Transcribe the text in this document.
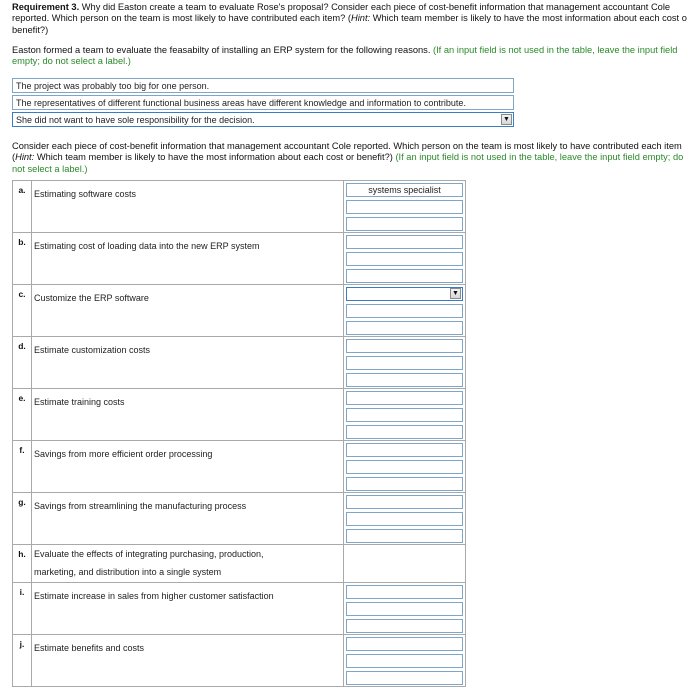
Requirement 3. Why did Easton create a team to evaluate Rose's proposal? Consider each piece of cost-benefit information that management accountant Cole
reported. Which person on the team is most likely to have contributed each item? (Hint: Which team member is likely to have the most information about each cost o
benefit?)
Easton formed a team to evaluate the feasabilty of installing an ERP system for the following reasons. (If an input field is not used in the table, leave the input field
empty; do not select a label.)
The project was probably too big for one person.
The representatives of different functional business areas have different knowledge and information to contribute.
She did not want to have sole responsibility for the decision.	▼
Consider each piece of cost-benefit information that management accountant Cole reported. Which person on the team is most likely to have contributed each item
(Hint: Which team member is likely to have the most information about each cost or benefit?) (If an input field is not used in the table, leave the input field empty; do
not select a label.)
a.	Estimating software costs	systems specialist

b.	Estimating cost of loading data into the new ERP system	

c.	Customize the ERP software	▼

d.	Estimate customization costs	

e.	Estimate training costs	

f.	Savings from more efficient order processing	

g.	Savings from streamlining the manufacturing process	

h.	Evaluate the effects of integrating purchasing, production,
marketing, and distribution into a single system	

i.	Estimate increase in sales from higher customer satisfaction	

j.	Estimate benefits and costs	
